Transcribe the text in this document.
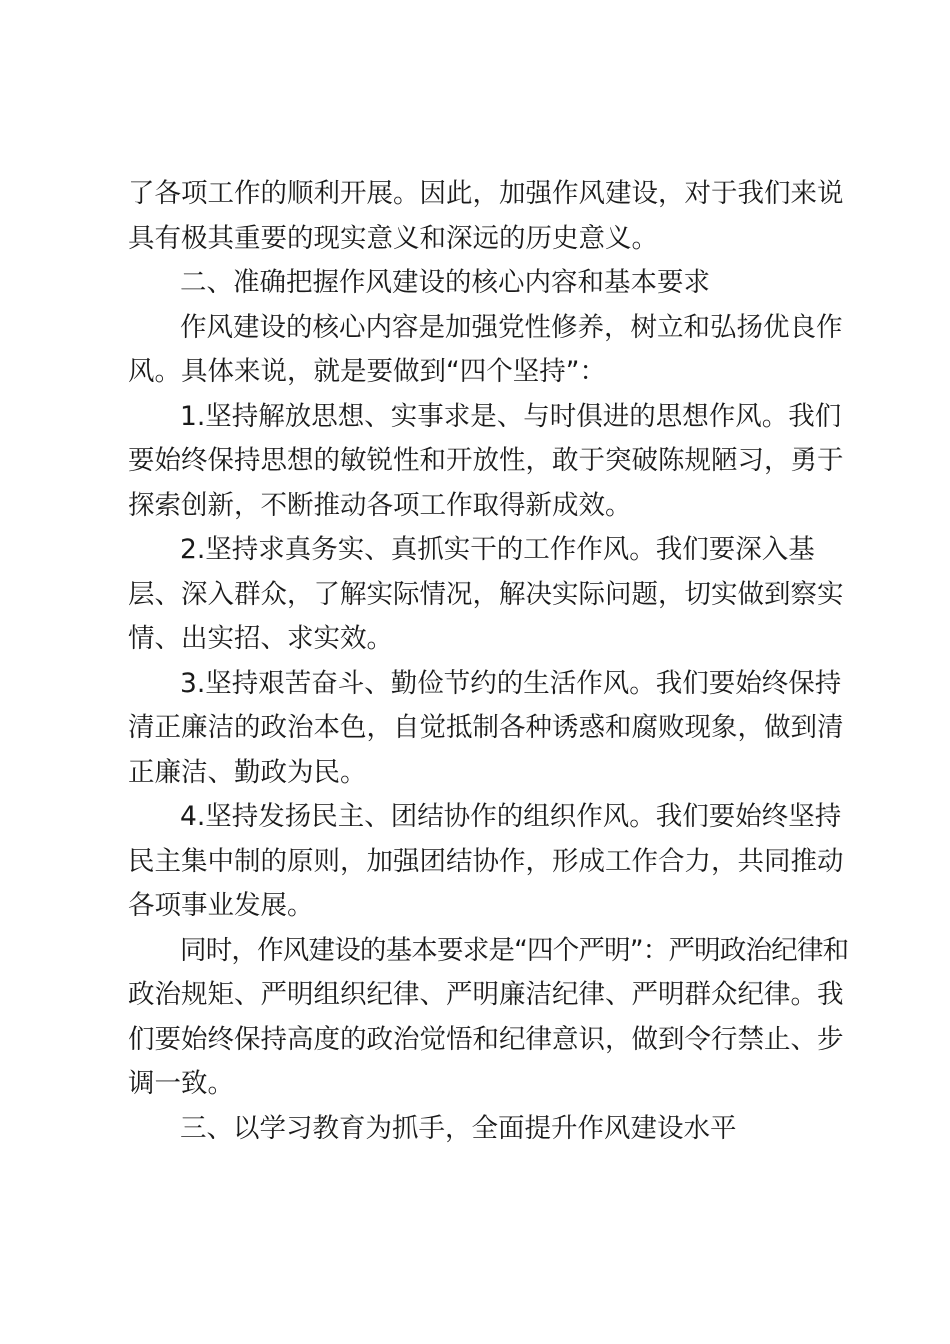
了各项工作的顺利开展。因此，加强作风建设，对于我们来说
具有极其重要的现实意义和深远的历史意义。

二、准确把握作风建设的核心内容和基本要求

作风建设的核心内容是加强党性修养，树立和弘扬优良作
风。具体来说，就是要做到“四个坚持”：

1.坚持解放思想、实事求是、与时俱进的思想作风。我们
要始终保持思想的敏锐性和开放性，敢于突破陈规陋习，勇于
探索创新，不断推动各项工作取得新成效。

2.坚持求真务实、真抓实干的工作作风。我们要深入基
层、深入群众，了解实际情况，解决实际问题，切实做到察实
情、出实招、求实效。

3.坚持艰苦奋斗、勤俭节约的生活作风。我们要始终保持
清正廉洁的政治本色，自觉抵制各种诱惑和腐败现象，做到清
正廉洁、勤政为民。

4.坚持发扬民主、团结协作的组织作风。我们要始终坚持
民主集中制的原则，加强团结协作，形成工作合力，共同推动
各项事业发展。

同时，作风建设的基本要求是“四个严明”：严明政治纪律和
政治规矩、严明组织纪律、严明廉洁纪律、严明群众纪律。我
们要始终保持高度的政治觉悟和纪律意识，做到令行禁止、步
调一致。

三、以学习教育为抓手，全面提升作风建设水平
